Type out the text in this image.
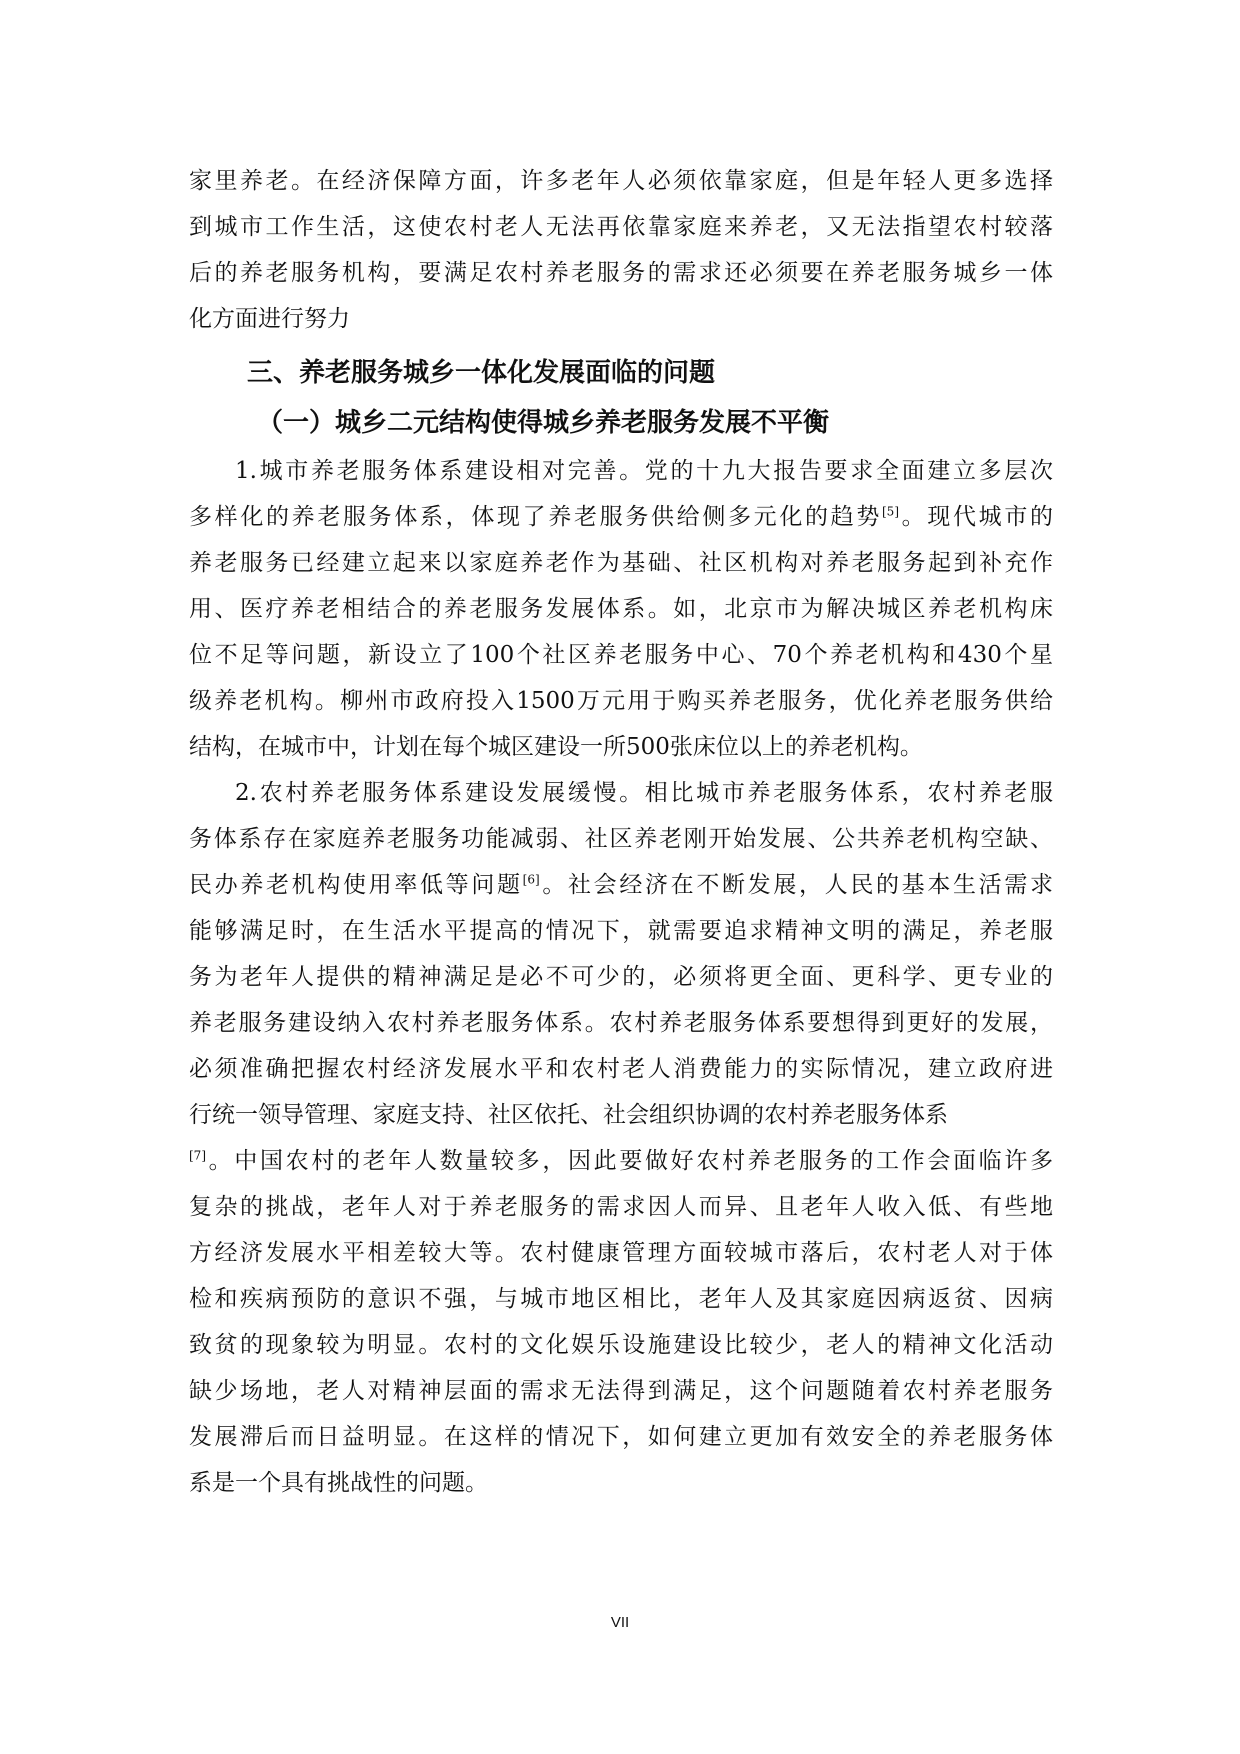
家里养老。在经济保障方面，许多老年人必须依靠家庭，但是年轻人更多选择
到城市工作生活，这使农村老人无法再依靠家庭来养老，又无法指望农村较落
后的养老服务机构，要满足农村养老服务的需求还必须要在养老服务城乡一体
化方面进行努力
三、养老服务城乡一体化发展面临的问题
（一）城乡二元结构使得城乡养老服务发展不平衡
1.城市养老服务体系建设相对完善。党的十九大报告要求全面建立多层次
多样化的养老服务体系，体现了养老服务供给侧多元化的趋势[5]。现代城市的
养老服务已经建立起来以家庭养老作为基础、社区机构对养老服务起到补充作
用、医疗养老相结合的养老服务发展体系。如，北京市为解决城区养老机构床
位不足等问题，新设立了100个社区养老服务中心、70个养老机构和430个星
级养老机构。柳州市政府投入1500万元用于购买养老服务，优化养老服务供给
结构，在城市中，计划在每个城区建设一所500张床位以上的养老机构。
2.农村养老服务体系建设发展缓慢。相比城市养老服务体系，农村养老服
务体系存在家庭养老服务功能减弱、社区养老刚开始发展、公共养老机构空缺、
民办养老机构使用率低等问题[6]。社会经济在不断发展，人民的基本生活需求
能够满足时，在生活水平提高的情况下，就需要追求精神文明的满足，养老服
务为老年人提供的精神满足是必不可少的，必须将更全面、更科学、更专业的
养老服务建设纳入农村养老服务体系。农村养老服务体系要想得到更好的发展，
必须准确把握农村经济发展水平和农村老人消费能力的实际情况，建立政府进
行统一领导管理、家庭支持、社区依托、社会组织协调的农村养老服务体系
[7]。中国农村的老年人数量较多，因此要做好农村养老服务的工作会面临许多
复杂的挑战，老年人对于养老服务的需求因人而异、且老年人收入低、有些地
方经济发展水平相差较大等。农村健康管理方面较城市落后，农村老人对于体
检和疾病预防的意识不强，与城市地区相比，老年人及其家庭因病返贫、因病
致贫的现象较为明显。农村的文化娱乐设施建设比较少，老人的精神文化活动
缺少场地，老人对精神层面的需求无法得到满足，这个问题随着农村养老服务
发展滞后而日益明显。在这样的情况下，如何建立更加有效安全的养老服务体
系是一个具有挑战性的问题。
VII
